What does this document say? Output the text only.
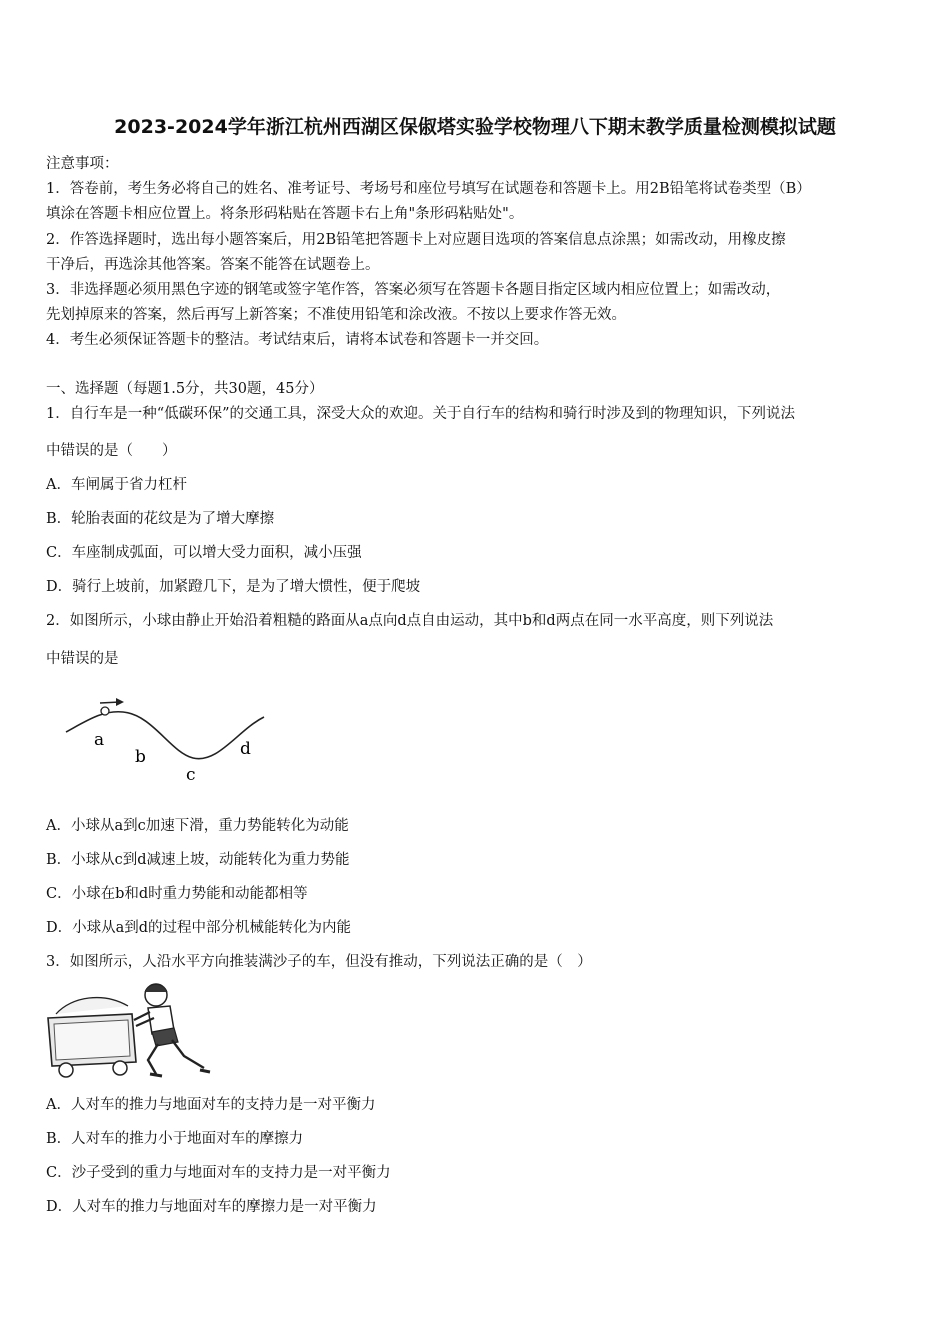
2023-2024学年浙江杭州西湖区保俶塔实验学校物理八下期末教学质量检测模拟试题
注意事项：
1．答卷前，考生务必将自己的姓名、准考证号、考场号和座位号填写在试题卷和答题卡上。用2B铅笔将试卷类型（B）
填涂在答题卡相应位置上。将条形码粘贴在答题卡右上角"条形码粘贴处"。
2．作答选择题时，选出每小题答案后，用2B铅笔把答题卡上对应题目选项的答案信息点涂黑；如需改动，用橡皮擦
干净后，再选涂其他答案。答案不能答在试题卷上。
3．非选择题必须用黑色字迹的钢笔或签字笔作答，答案必须写在答题卡各题目指定区域内相应位置上；如需改动，
先划掉原来的答案，然后再写上新答案；不准使用铅笔和涂改液。不按以上要求作答无效。
4．考生必须保证答题卡的整洁。考试结束后，请将本试卷和答题卡一并交回。
一、选择题（每题1.5分，共30题，45分）
1．自行车是一种“低碳环保”的交通工具，深受大众的欢迎。关于自行车的结构和骑行时涉及到的物理知识，下列说法
中错误的是（　　）
A．车闸属于省力杠杆
B．轮胎表面的花纹是为了增大摩擦
C．车座制成弧面，可以增大受力面积，减小压强
D．骑行上坡前，加紧蹬几下，是为了增大惯性，便于爬坡
2．如图所示，小球由静止开始沿着粗糙的路面从a点向d点自由运动，其中b和d两点在同一水平高度，则下列说法
中错误的是
a
b
c
d
A．小球从a到c加速下滑，重力势能转化为动能
B．小球从c到d减速上坡，动能转化为重力势能
C．小球在b和d时重力势能和动能都相等
D．小球从a到d的过程中部分机械能转化为内能
3．如图所示，人沿水平方向推装满沙子的车，但没有推动，下列说法正确的是（　）
A．人对车的推力与地面对车的支持力是一对平衡力
B．人对车的推力小于地面对车的摩擦力
C．沙子受到的重力与地面对车的支持力是一对平衡力
D．人对车的推力与地面对车的摩擦力是一对平衡力
